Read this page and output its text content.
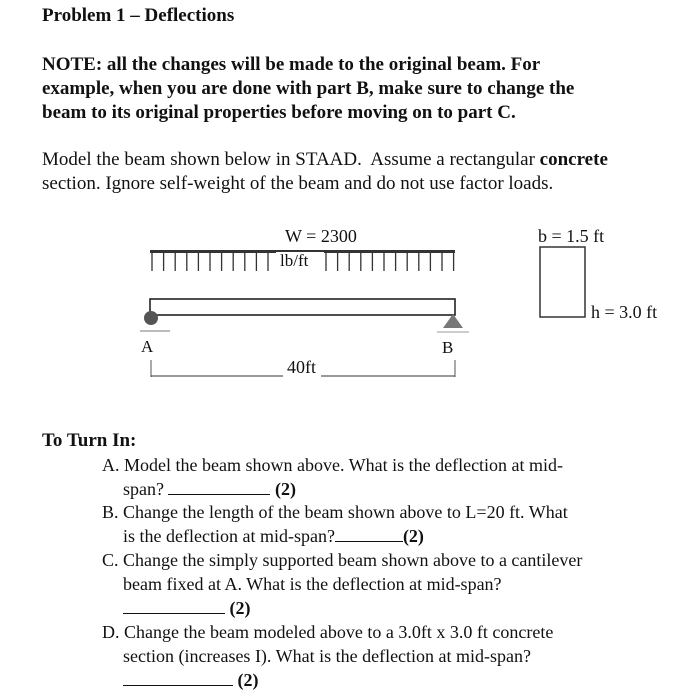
Problem 1 – Deflections
NOTE: all the changes will be made to the original beam. For
example, when you are done with part B, make sure to change the
beam to its original properties before moving on to part C.
Model the beam shown below in STAAD.  Assume a rectangular concrete
section. Ignore self-weight of the beam and do not use factor loads.
W = 2300
lb/ft
A	B
40ft
b = 1.5 ft
h = 3.0 ft
To Turn In:
A. Model the beam shown above. What is the deflection at mid-
span?	(2)
B. Change the length of the beam shown above to L=20 ft. What
is the deflection at mid-span?	(2)
C. Change the simply supported beam shown above to a cantilever
beam fixed at A. What is the deflection at mid-span?
(2)
D. Change the beam modeled above to a 3.0ft x 3.0 ft concrete
section (increases I). What is the deflection at mid-span?
(2)
